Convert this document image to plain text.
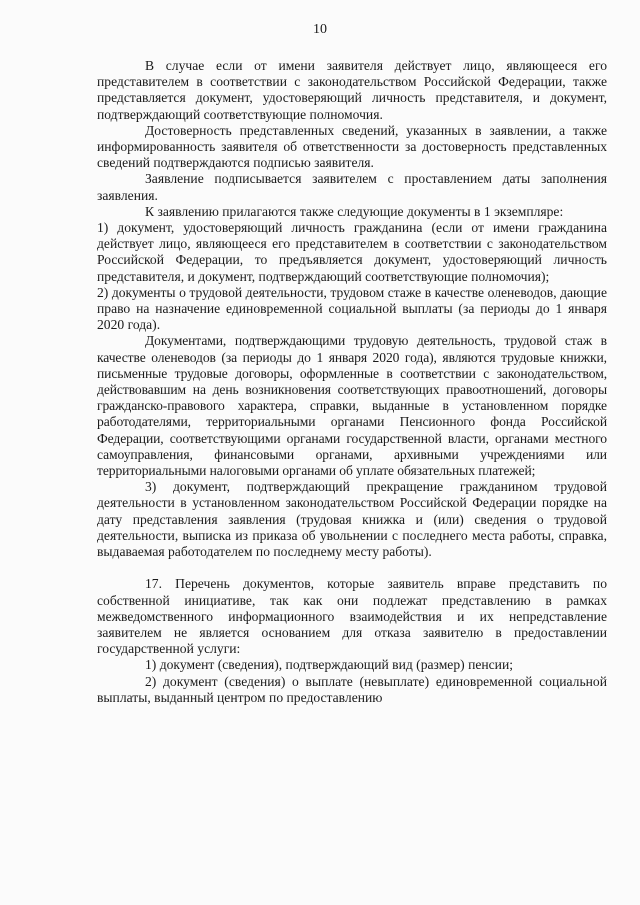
10

В случае если от имени заявителя действует лицо, являющееся его представителем в соответствии с законодательством Российской Федерации, также представляется документ, удостоверяющий личность представителя, и документ, подтверждающий соответствующие полномочия.

Достоверность представленных сведений, указанных в заявлении, а также информированность заявителя об ответственности за достоверность представленных сведений подтверждаются подписью заявителя.

Заявление подписывается заявителем с проставлением даты заполнения заявления.

К заявлению прилагаются также следующие документы в 1 экземпляре:

1) документ, удостоверяющий личность гражданина (если от имени гражданина действует лицо, являющееся его представителем в соответствии с законодательством Российской Федерации, то предъявляется документ, удостоверяющий личность представителя, и документ, подтверждающий соответствующие полномочия);

2) документы о трудовой деятельности, трудовом стаже в качестве оленеводов, дающие право на назначение единовременной социальной выплаты (за периоды до 1 января 2020 года).

Документами, подтверждающими трудовую деятельность, трудовой стаж в качестве оленеводов (за периоды до 1 января 2020 года), являются трудовые книжки, письменные трудовые договоры, оформленные в соответствии с законодательством, действовавшим на день возникновения соответствующих правоотношений, договоры гражданско-правового характера, справки, выданные в установленном порядке работодателями, территориальными органами Пенсионного фонда Российской Федерации, соответствующими органами государственной власти, органами местного самоуправления, финансовыми органами, архивными учреждениями или территориальными налоговыми органами об уплате обязательных платежей;

3) документ, подтверждающий прекращение гражданином трудовой деятельности в установленном законодательством Российской Федерации порядке на дату представления заявления (трудовая книжка и (или) сведения о трудовой деятельности, выписка из приказа об увольнении с последнего места работы, справка, выдаваемая работодателем по последнему месту работы).

17. Перечень документов, которые заявитель вправе представить по собственной инициативе, так как они подлежат представлению в рамках межведомственного информационного взаимодействия и их непредставление заявителем не является основанием для отказа заявителю в предоставлении государственной услуги:

1) документ (сведения), подтверждающий вид (размер) пенсии;

2) документ (сведения) о выплате (невыплате) единовременной социальной выплаты, выданный центром по предоставлению
